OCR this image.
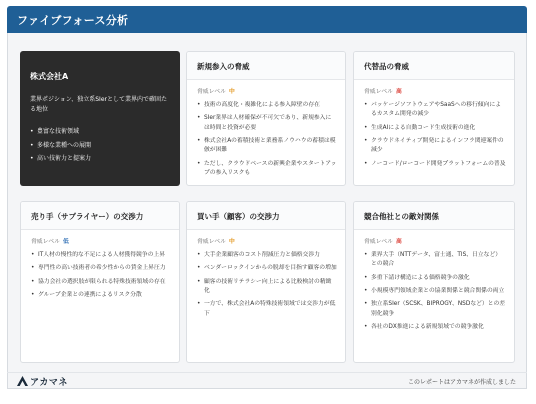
ファイブフォース分析
株式会社A
業界ポジション、独立系SIerとして業界内で確固たる地位
• 豊富な技術領域
• 多様な業種への展開
• 高い技術力と提案力
新規参入の脅威
脅威レベル 中
• 技術の高度化・複雑化による参入障壁の存在
• SIer業界は人材確保が不可欠であり、新規参入には時間と投資が必要
• 株式会社Aの蓄積技術と業務系ノウハウの蓄積は模倣が困難
• ただし、クラウドベースの新興企業やスタートアップの参入リスクも
代替品の脅威
脅威レベル 高
• パッケージソフトウェアやSaaSへの移行傾向によるカスタム開発の減少
• 生成AIによる自動コード生成技術の進化
• クラウドネイティブ開発によるインフラ関連案件の減少
• ノーコード/ローコード開発プラットフォームの普及
売り手（サプライヤー）の交渉力
脅威レベル 低
• IT人材の慢性的な不足による人材獲得競争の上昇
• 専門性の高い技術者の希少性からの賃金上昇圧力
• 協力会社の選択肢が限られる特殊技術領域の存在
• グループ企業との連携によるリスク分散
買い手（顧客）の交渉力
脅威レベル 中
• 大手企業顧客のコスト削減圧力と価格交渉力
• ベンダーロックインからの脱却を目指す顧客の増加
• 顧客の技術リテラシー向上による比較検討の精緻化
• 一方で、株式会社Aの特殊技術領域では交渉力が低下
競合他社との敵対関係
脅威レベル 高
• 業界大手（NTTデータ、富士通、TIS、日立など）との競合
• 多重下請け構造による価格競争の激化
• 小規模専門領域企業との協業関係と競合関係の両立
• 独立系SIer（SCSK、BIPROGY、NSDなど）との差別化競争
• 各社のDX推進による新規領域での競争激化
アカマネ	このレポートはアカマネが作成しました
